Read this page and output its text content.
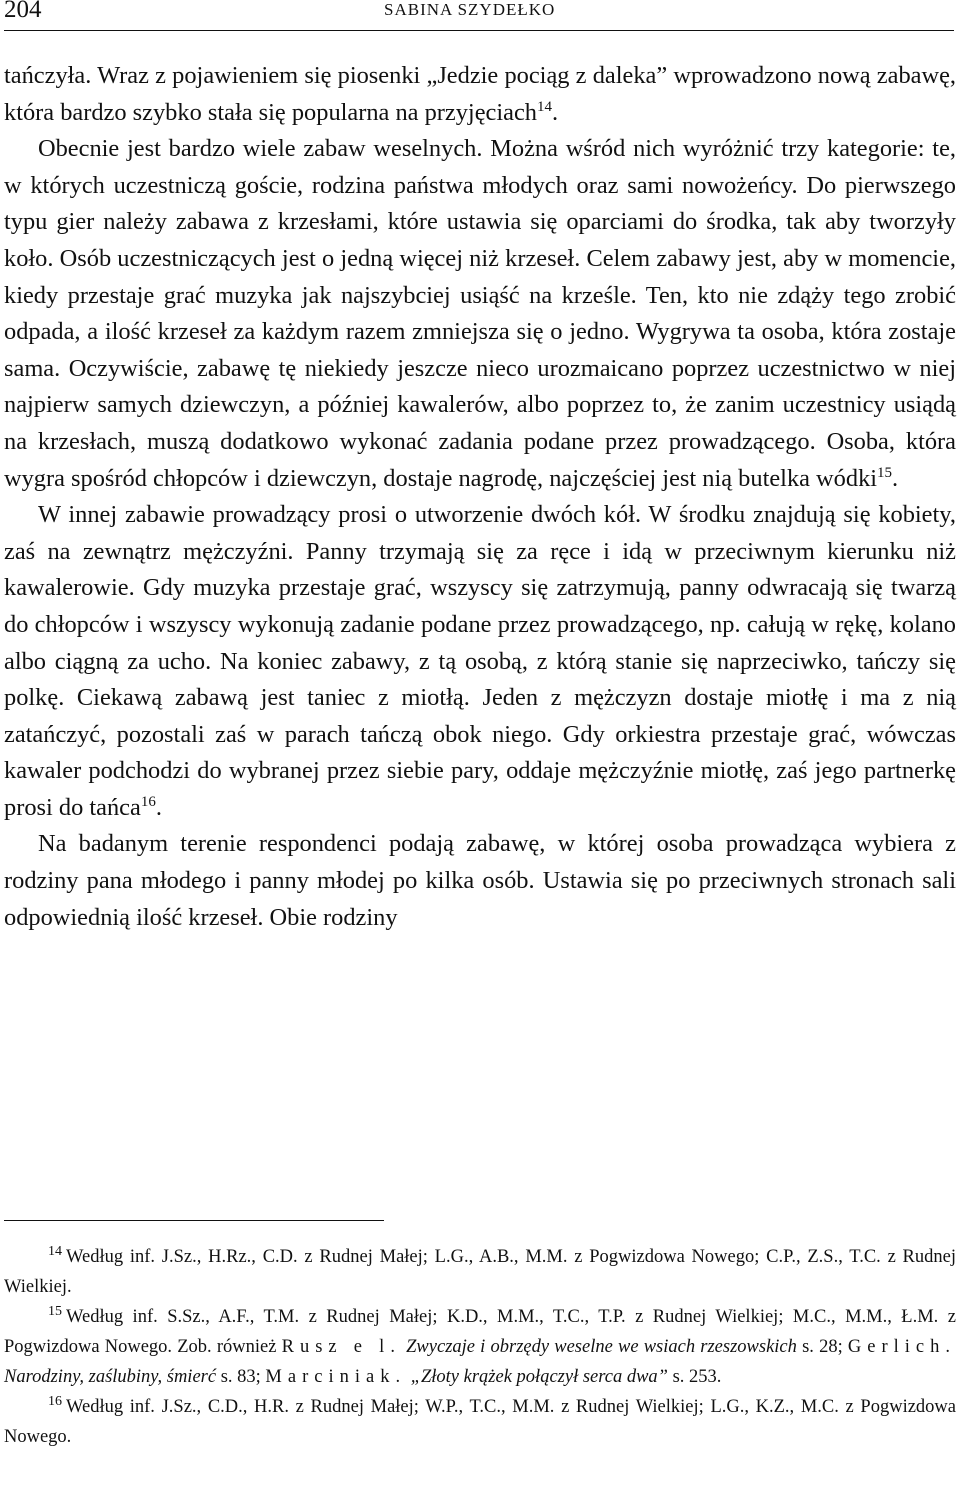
204	SABINA SZYDEŁKO

tańczyła. Wraz z pojawieniem się piosenki „Jedzie pociąg z daleka” wprowadzono nową zabawę, która bardzo szybko stała się popularna na przyjęciach$^{14}$.

Obecnie jest bardzo wiele zabaw weselnych. Można wśród nich wyróżnić trzy kategorie: te, w których uczestniczą goście, rodzina państwa młodych oraz sami nowożeńcy. Do pierwszego typu gier należy zabawa z krzesłami, które ustawia się oparciami do środka, tak aby tworzyły koło. Osób uczestniczących jest o jedną więcej niż krzeseł. Celem zabawy jest, aby w momencie, kiedy przestaje grać muzyka jak najszybciej usiąść na krześle. Ten, kto nie zdąży tego zrobić odpada, a ilość krzeseł za każdym razem zmniejsza się o jedno. Wygrywa ta osoba, która zostaje sama. Oczywiście, zabawę tę niekiedy jeszcze nieco urozmaicano poprzez uczestnictwo w niej najpierw samych dziewczyn, a później kawalerów, albo poprzez to, że zanim uczestnicy usiądą na krzesłach, muszą dodatkowo wykonać zadania podane przez prowadzącego. Osoba, która wygra spośród chłopców i dziewczyn, dostaje nagrodę, najczęściej jest nią butelka wódki$^{15}$.

W innej zabawie prowadzący prosi o utworzenie dwóch kół. W środku znajdują się kobiety, zaś na zewnątrz mężczyźni. Panny trzymają się za ręce i idą w przeciwnym kierunku niż kawalerowie. Gdy muzyka przestaje grać, wszyscy się zatrzymują, panny odwracają się twarzą do chłopców i wszyscy wykonują zadanie podane przez prowadzącego, np. całują w rękę, kolano albo ciągną za ucho. Na koniec zabawy, z tą osobą, z którą stanie się naprzeciwko, tańczy się polkę. Ciekawą zabawą jest taniec z miotłą. Jeden z mężczyzn dostaje miotłę i ma z nią zatańczyć, pozostali zaś w parach tańczą obok niego. Gdy orkiestra przestaje grać, wówczas kawaler podchodzi do wybranej przez siebie pary, oddaje mężczyźnie miotłę, zaś jego partnerkę prosi do tańca$^{16}$.

Na badanym terenie respondenci podają zabawę, w której osoba prowadząca wybiera z rodziny pana młodego i panny młodej po kilka osób. Ustawia się po przeciwnych stronach sali odpowiednią ilość krzeseł. Obie rodziny

$^{14}$ Według inf. J.Sz., H.Rz., C.D. z Rudnej Małej; L.G., A.B., M.M. z Pogwizdowa Nowego; C.P., Z.S., T.C. z Rudnej Wielkiej.

$^{15}$ Według inf. S.Sz., A.F., T.M. z Rudnej Małej; K.D., M.M., T.C., T.P. z Rudnej Wielkiej; M.C., M.M., Ł.M. z Pogwizdowa Nowego. Zob. również Rusz e l. Zwyczaje i obrzędy weselne we wsiach rzeszowskich s. 28; Gerlich. Narodziny, zaślubiny, śmierć s. 83; Marciniak. „Złoty krążek połączył serca dwa” s. 253.

$^{16}$ Według inf. J.Sz., C.D., H.R. z Rudnej Małej; W.P., T.C., M.M. z Rudnej Wielkiej; L.G., K.Z., M.C. z Pogwizdowa Nowego.
